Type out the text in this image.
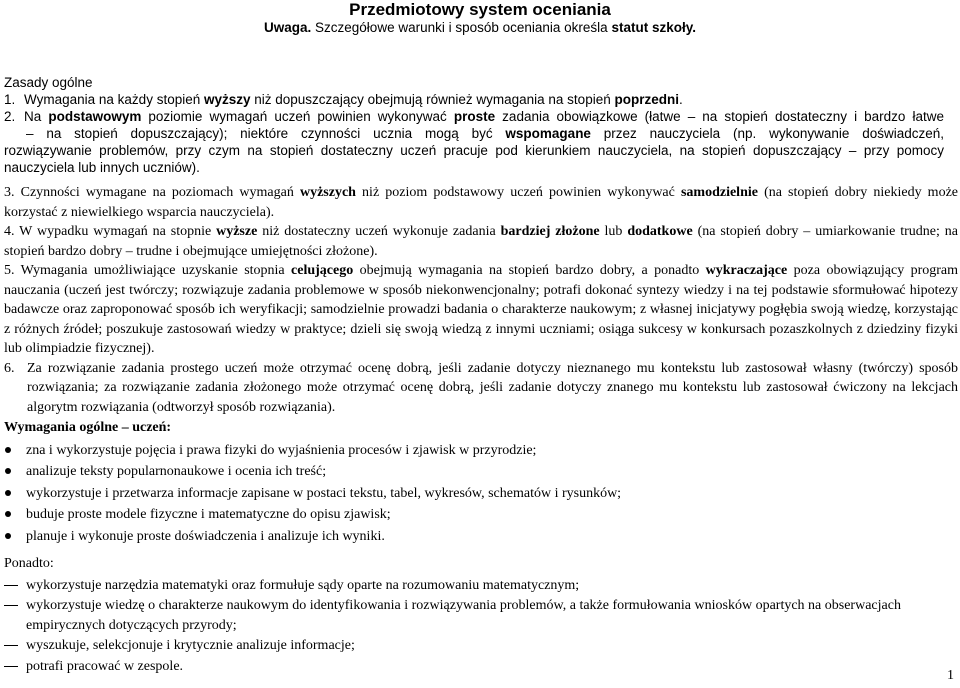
Przedmiotowy system oceniania
Uwaga. Szczegółowe warunki i sposób oceniania określa statut szkoły.

Zasady ogólne

1. Wymagania na każdy stopień wyższy niż dopuszczający obejmują również wymagania na stopień poprzedni.

2. Na podstawowym poziomie wymagań uczeń powinien wykonywać proste zadania obowiązkowe (łatwe – na stopień dostateczny i bardzo łatwe
– na stopień dopuszczający); niektóre czynności ucznia mogą być wspomagane przez nauczyciela (np. wykonywanie doświadczeń,
rozwiązywanie problemów, przy czym na stopień dostateczny uczeń pracuje pod kierunkiem nauczyciela, na stopień dopuszczający – przy pomocy nauczyciela lub innych uczniów).

3. Czynności wymagane na poziomach wymagań wyższych niż poziom podstawowy uczeń powinien wykonywać samodzielnie (na stopień dobry niekiedy może korzystać z niewielkiego wsparcia nauczyciela).

4. W wypadku wymagań na stopnie wyższe niż dostateczny uczeń wykonuje zadania bardziej złożone lub dodatkowe (na stopień dobry – umiarkowanie trudne; na stopień bardzo dobry – trudne i obejmujące umiejętności złożone).

5. Wymagania umożliwiające uzyskanie stopnia celującego obejmują wymagania na stopień bardzo dobry, a ponadto wykraczające poza obowiązujący program nauczania (uczeń jest twórczy; rozwiązuje zadania problemowe w sposób niekonwencjonalny; potrafi dokonać syntezy wiedzy i na tej podstawie sformułować hipotezy badawcze oraz zaproponować sposób ich weryfikacji; samodzielnie prowadzi badania o charakterze naukowym; z własnej inicjatywy pogłębia swoją wiedzę, korzystając z różnych źródeł; poszukuje zastosowań wiedzy w praktyce; dzieli się swoją wiedzą z innymi uczniami; osiąga sukcesy w konkursach pozaszkolnych z dziedziny fizyki lub olimpiadzie fizycznej).

6. Za rozwiązanie zadania prostego uczeń może otrzymać ocenę dobrą, jeśli zadanie dotyczy nieznanego mu kontekstu lub zastosował własny (twórczy) sposób rozwiązania; za rozwiązanie zadania złożonego może otrzymać ocenę dobrą, jeśli zadanie dotyczy znanego mu kontekstu lub zastosował ćwiczony na lekcjach algorytm rozwiązania (odtworzył sposób rozwiązania).

Wymagania ogólne – uczeń:
zna i wykorzystuje pojęcia i prawa fizyki do wyjaśnienia procesów i zjawisk w przyrodzie;
analizuje teksty popularnonaukowe i ocenia ich treść;
wykorzystuje i przetwarza informacje zapisane w postaci tekstu, tabel, wykresów, schematów i rysunków;
buduje proste modele fizyczne i matematyczne do opisu zjawisk;
planuje i wykonuje proste doświadczenia i analizuje ich wyniki.
Ponadto:
wykorzystuje narzędzia matematyki oraz formułuje sądy oparte na rozumowaniu matematycznym;
wykorzystuje wiedzę o charakterze naukowym do identyfikowania i rozwiązywania problemów, a także formułowania wniosków opartych na obserwacjach empirycznych dotyczących przyrody;
wyszukuje, selekcjonuje i krytycznie analizuje informacje;
potrafi pracować w zespole.
1
